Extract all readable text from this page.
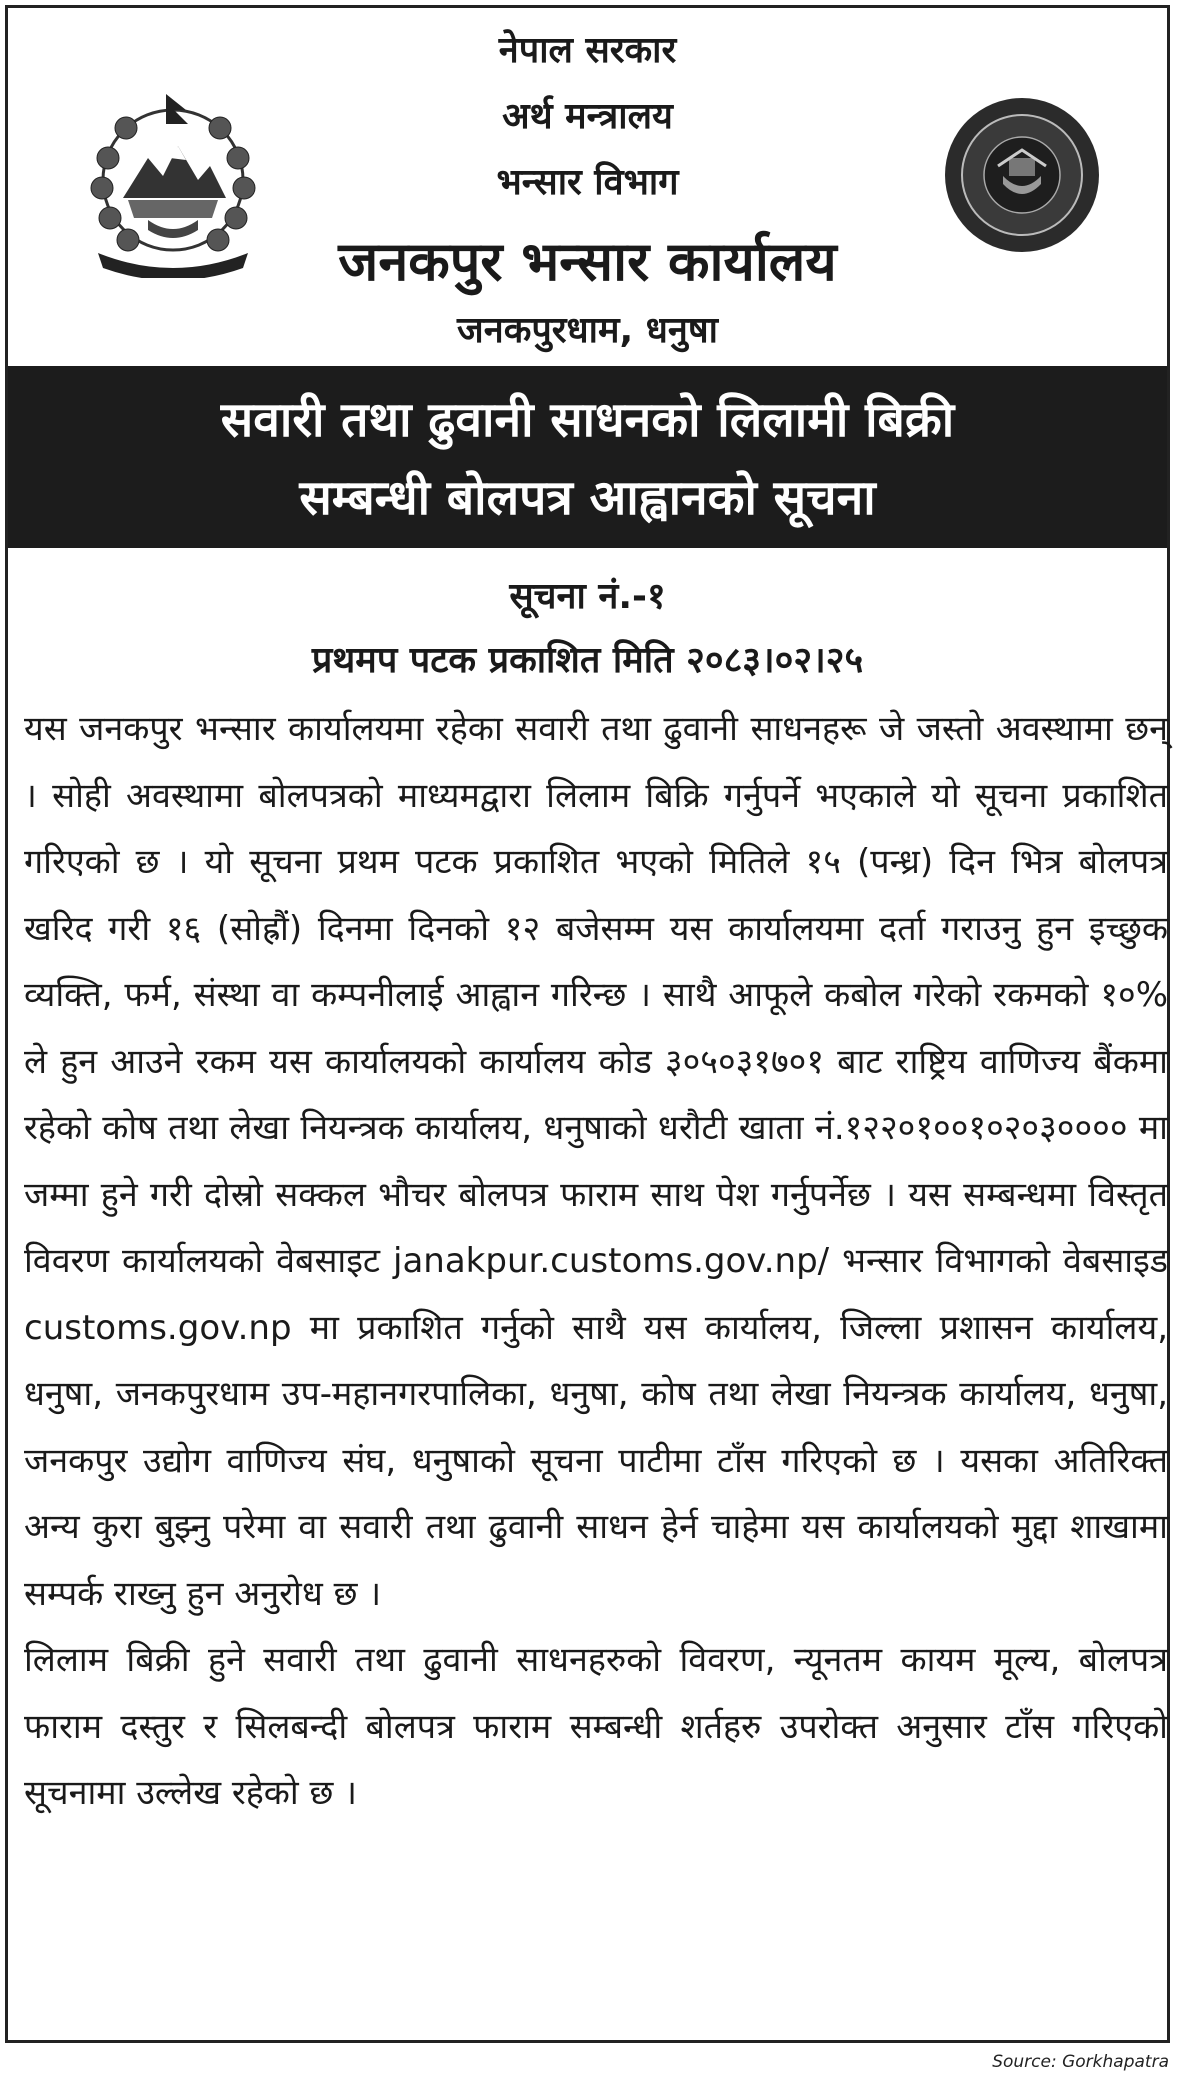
नेपाल सरकार

अर्थ मन्त्रालय

भन्सार विभाग

जनकपुर भन्सार कार्यालय

जनकपुरधाम, धनुषा

सवारी तथा ढुवानी साधनको लिलामी बिक्री

सम्बन्धी बोलपत्र आह्वानको सूचना

सूचना नं.-१

प्रथमप पटक प्रकाशित मिति २०८३।०२।२५

यस जनकपुर भन्सार कार्यालयमा रहेका सवारी तथा ढुवानी साधनहरू जे जस्तो अवस्थामा छन् । सोही अवस्थामा बोलपत्रको माध्यमद्वारा लिलाम बिक्रि गर्नुपर्ने भएकाले यो सूचना प्रकाशित गरिएको छ । यो सूचना प्रथम पटक प्रकाशित भएको मितिले १५ (पन्ध्र) दिन भित्र बोलपत्र खरिद गरी १६ (सोह्रौं) दिनमा दिनको १२ बजेसम्म यस कार्यालयमा दर्ता गराउनु हुन इच्छुक व्यक्ति, फर्म, संस्था वा कम्पनीलाई आह्वान गरिन्छ । साथै आफूले कबोल गरेको रकमको १०% ले हुन आउने रकम यस कार्यालयको कार्यालय कोड ३०५०३१७०१ बाट राष्ट्रिय वाणिज्य बैंकमा रहेको कोष तथा लेखा नियन्त्रक कार्यालय, धनुषाको धरौटी खाता नं.१२२०१००१०२०३०००० मा जम्मा हुने गरी दोस्रो सक्कल भौचर बोलपत्र फाराम साथ पेश गर्नुपर्नेछ । यस सम्बन्धमा विस्तृत विवरण कार्यालयको वेबसाइट janakpur.customs.gov.np/ भन्सार विभागको वेबसाइड customs.gov.np मा प्रकाशित गर्नुको साथै यस कार्यालय, जिल्ला प्रशासन कार्यालय, धनुषा, जनकपुरधाम उप-महानगरपालिका, धनुषा, कोष तथा लेखा नियन्त्रक कार्यालय, धनुषा, जनकपुर उद्योग वाणिज्य संघ, धनुषाको सूचना पाटीमा टाँस गरिएको छ । यसका अतिरिक्त अन्य कुरा बुझ्नु परेमा वा सवारी तथा ढुवानी साधन हेर्न चाहेमा यस कार्यालयको मुद्दा शाखामा सम्पर्क राख्नु हुन अनुरोध छ ।

लिलाम बिक्री हुने सवारी तथा ढुवानी साधनहरुको विवरण, न्यूनतम कायम मूल्य, बोलपत्र फाराम दस्तुर र सिलबन्दी बोलपत्र फाराम सम्बन्धी शर्तहरु उपरोक्त अनुसार टाँस गरिएको सूचनामा उल्लेख रहेको छ ।

Source: Gorkhapatra
